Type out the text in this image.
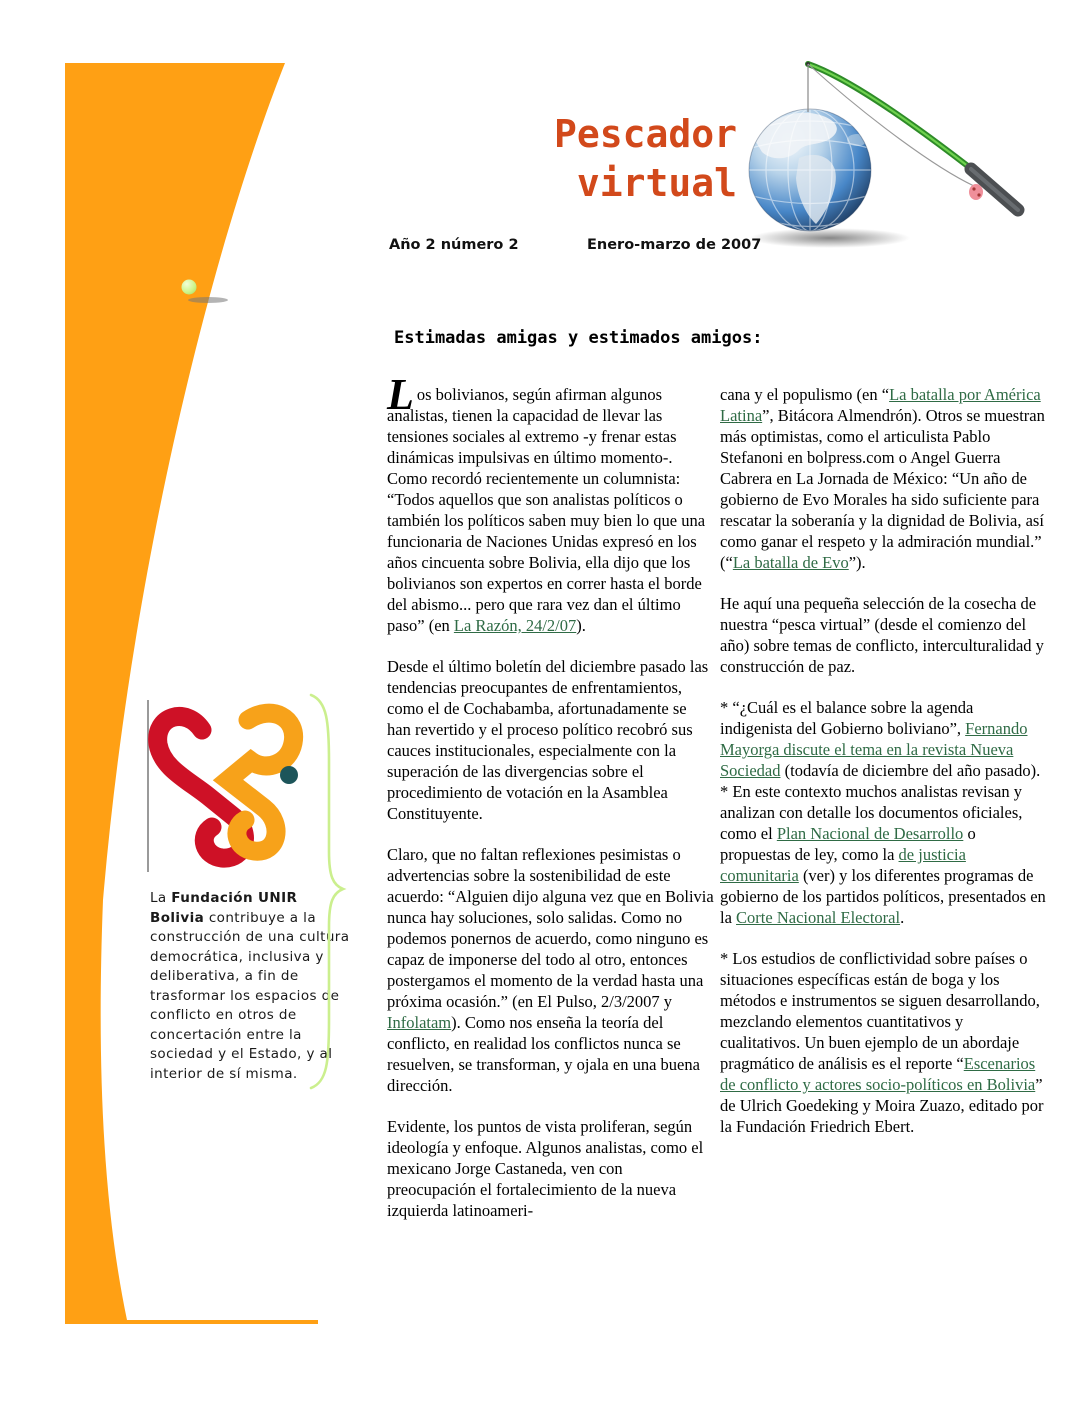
Pescador
virtual
Año 2 número 2	Enero-marzo de 2007
Estimadas amigas y estimados amigos:

La Fundación UNIR Bolivia contribuye a la construcción de una cultura democrática, inclusiva y deliberativa, a fin de trasformar los espacios de conflicto en otros de concertación entre la sociedad y el Estado, y al interior de sí misma.

Los bolivianos, según afirman algunos analistas, tienen la capacidad de llevar las tensiones sociales al extremo -y frenar estas dinámicas impulsivas en último momento-. Como recordó recientemente un columnista: “Todos aquellos que son analistas políticos o también los políticos saben muy bien lo que una funcionaria de Naciones Unidas expresó en los años cincuenta sobre Bolivia, ella dijo que los bolivianos son expertos en correr hasta el borde del abismo... pero que rara vez dan el último paso” (en La Razón, 24/2/07).

Desde el último boletín del diciembre pasado las tendencias preocupantes de enfrentamientos, como el de Cochabamba, afortunadamente se han revertido y el proceso político recobró sus cauces institucionales, especialmente con la superación de las divergencias sobre el procedimiento de votación en la Asamblea Constituyente.

Claro, que no faltan reflexiones pesimistas o advertencias sobre la sostenibilidad de este acuerdo: “Alguien dijo alguna vez que en Bolivia nunca hay soluciones, solo salidas. Como no podemos ponernos de acuerdo, como ninguno es capaz de imponerse del todo al otro, entonces postergamos el momento de la verdad hasta una próxima ocasión.” (en El Pulso, 2/3/2007 y Infolatam). Como nos enseña la teoría del conflicto, en realidad los conflictos nunca se resuelven, se transforman, y ojala en una buena dirección.

Evidente, los puntos de vista proliferan, según ideología y enfoque. Algunos analistas, como el mexicano Jorge Castaneda, ven con preocupación el fortalecimiento de la nueva izquierda latinoameri-

cana y el populismo (en “La batalla por América Latina”, Bitácora Almendrón). Otros se muestran más optimistas, como el articulista Pablo Stefanoni en bolpress.com o Angel Guerra Cabrera en La Jornada de México: “Un año de gobierno de Evo Morales ha sido suficiente para rescatar la soberanía y la dignidad de Bolivia, así como ganar el respeto y la admiración mundial.” (“La batalla de Evo”).

He aquí una pequeña selección de la cosecha de nuestra “pesca virtual” (desde el comienzo del año) sobre temas de conflicto, interculturalidad y construcción de paz.

* “¿Cuál es el balance sobre la agenda indigenista del Gobierno boliviano”, Fernando Mayorga discute el tema en la revista Nueva Sociedad (todavía de diciembre del año pasado).

* En este contexto muchos analistas revisan y analizan con detalle los documentos oficiales, como el Plan Nacional de Desarrollo o propuestas de ley, como la de justicia comunitaria (ver) y los diferentes programas de gobierno de los partidos políticos, presentados en la Corte Nacional Electoral.

* Los estudios de conflictividad sobre países o situaciones específicas están de boga y los métodos e instrumentos se siguen desarrollando, mezclando elementos cuantitativos y cualitativos. Un buen ejemplo de un abordaje pragmático de análisis es el reporte “Escenarios de conflicto y actores socio-políticos en Bolivia” de Ulrich Goedeking y Moira Zuazo, editado por la Fundación Friedrich Ebert.
